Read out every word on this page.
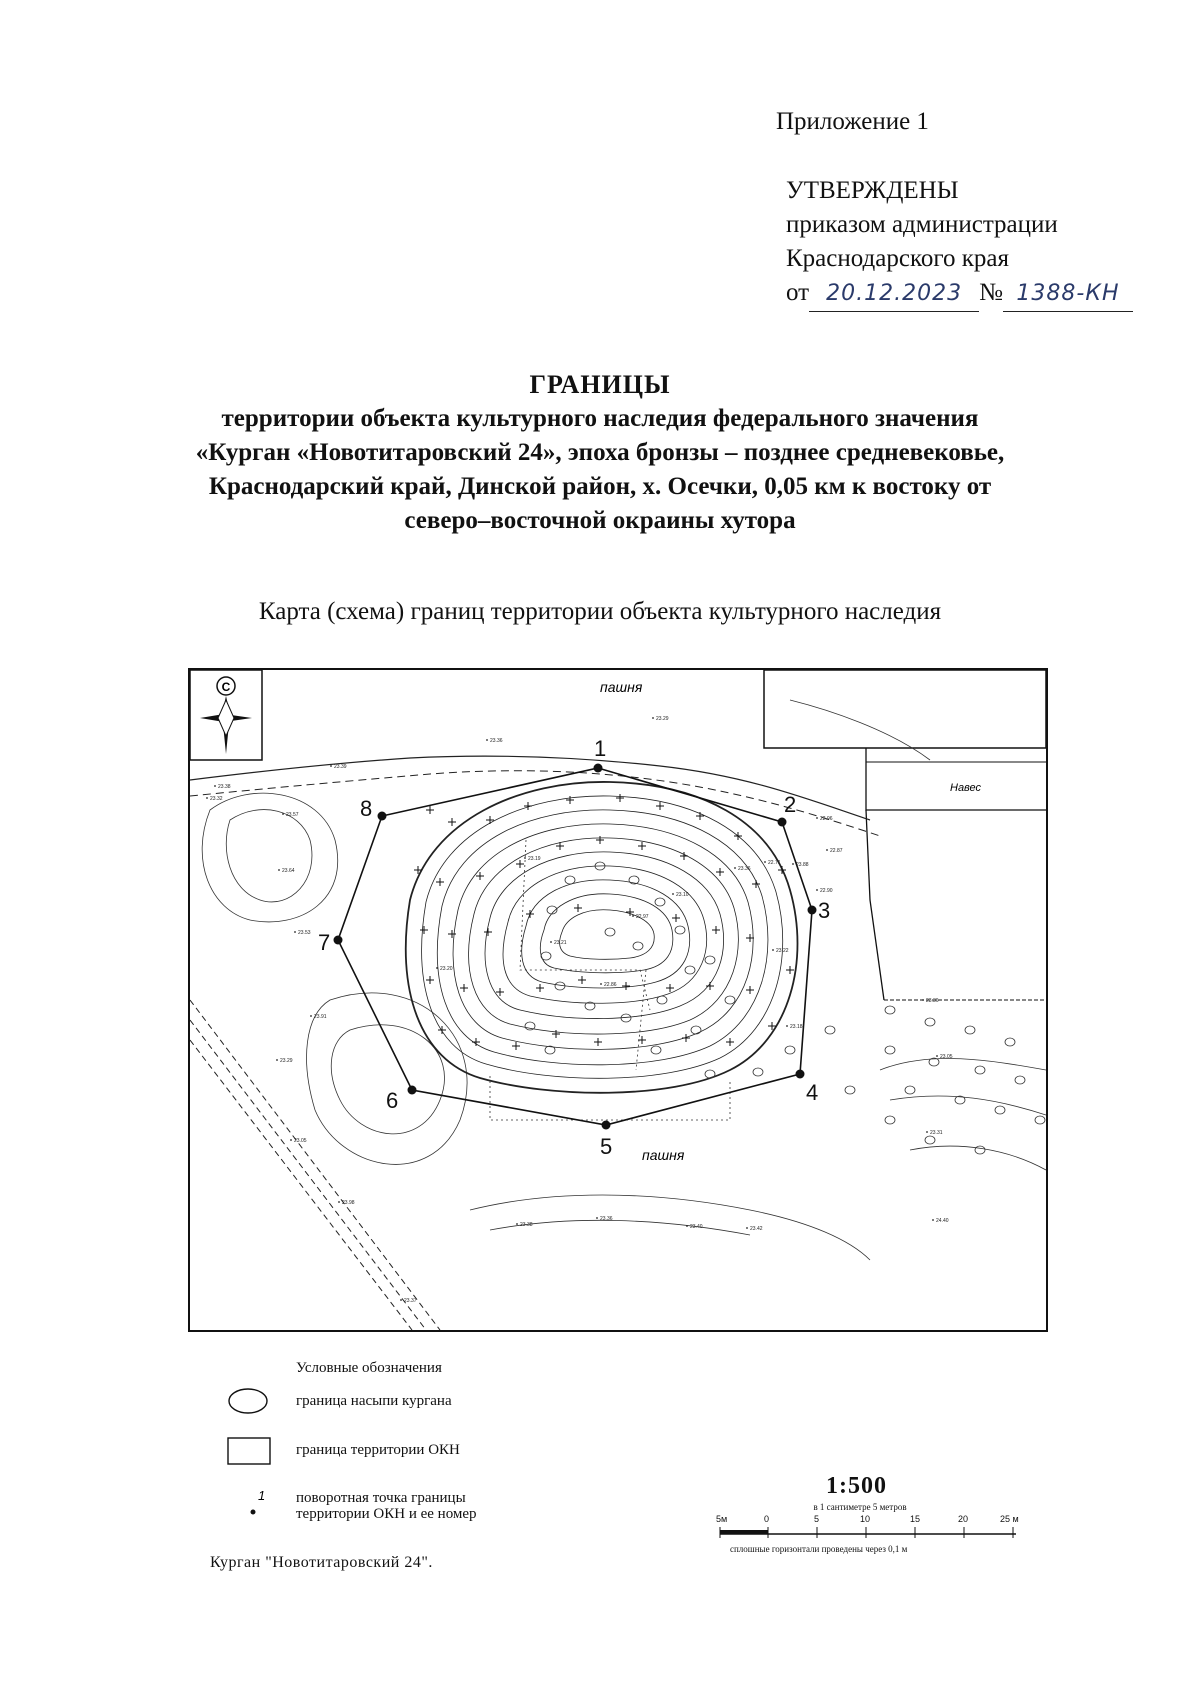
Приложение 1
УТВЕРЖДЕНЫ
приказом администрации
Краснодарского края
от 20.12.2023 № 1388-КН
ГРАНИЦЫ
территории объекта культурного наследия федерального значения
«Курган «Новотитаровский 24», эпоха бронзы – позднее средневековье,
Краснодарский край, Динской район, х. Осечки, 0,05 км к востоку от
северо–восточной окраины хутора
Карта (схема) границ территории объекта культурного наследия
С
Навес
1
2
3
4
5
6
7
8
пашня
пашня
23.29
23.36
23.39
23.38
23.32
23.57
23.64
23.53
23.91
23.29
23.05
23.98
23.37
23.38
23.36
23.40	23.42
24.40
23.31
23.05
23.36
22.96
22.87
22.90
23.88
22.71
23.36
23.10
22.97
23.21
23.19
22.86
23.22
23.18
23.20
Условные обозначения
граница насыпи кургана
граница территории ОКН
1 поворотная точка границы
территории ОКН и ее номер
1:500
в 1 сантиметре 5 метров
5м	0	5	10	15	20	25 м
сплошные горизонтали проведены через 0,1 м
Курган "Новотитаровский 24".
